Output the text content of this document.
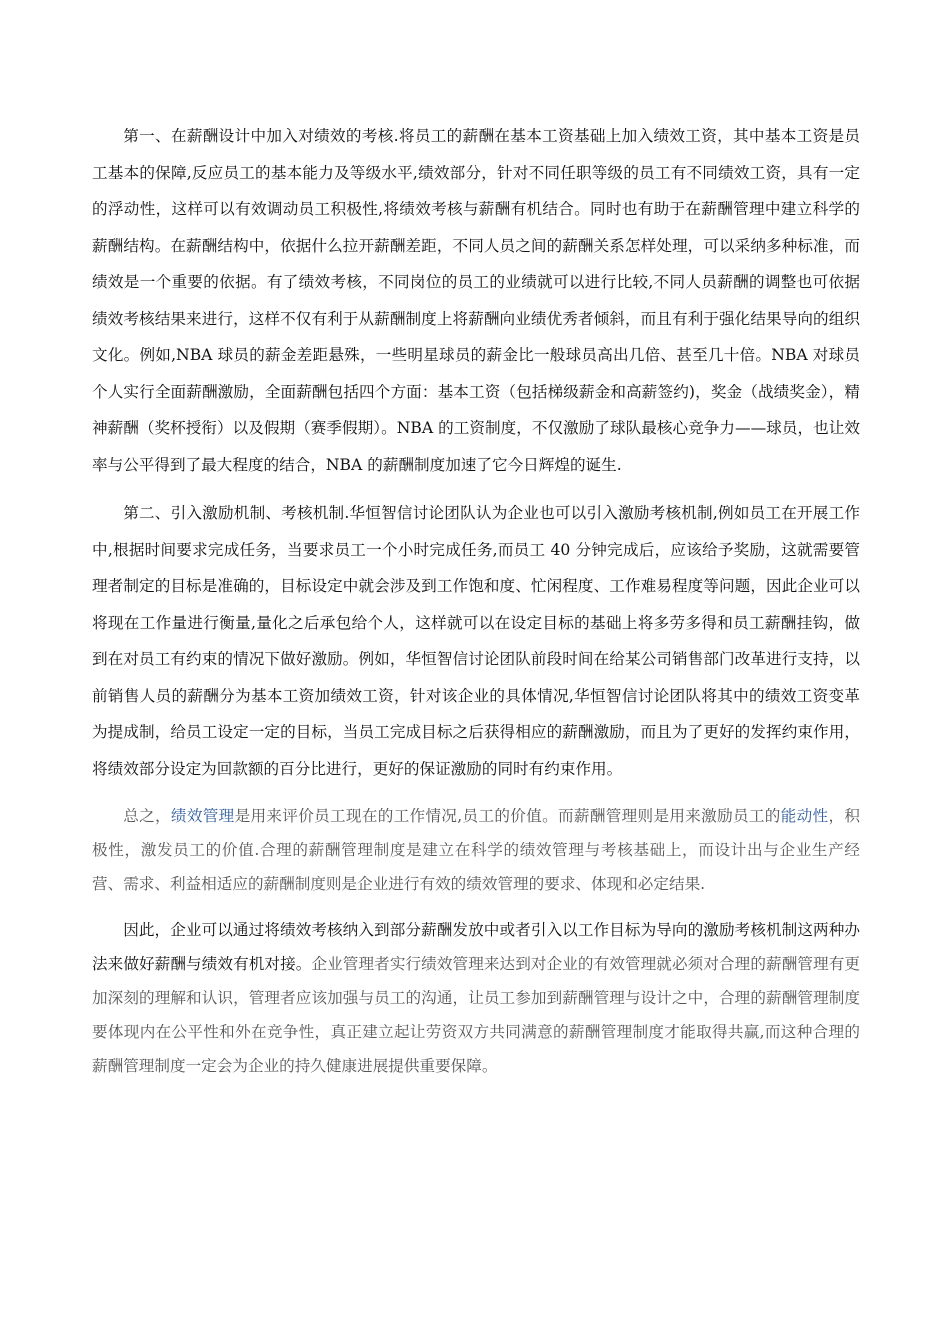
第一、在薪酬设计中加入对绩效的考核.将员工的薪酬在基本工资基础上加入绩效工资，其中基本工资是员工基本的保障,反应员工的基本能力及等级水平,绩效部分，针对不同任职等级的员工有不同绩效工资，具有一定的浮动性，这样可以有效调动员工积极性,将绩效考核与薪酬有机结合。同时也有助于在薪酬管理中建立科学的薪酬结构。在薪酬结构中，依据什么拉开薪酬差距，不同人员之间的薪酬关系怎样处理，可以采纳多种标准，而绩效是一个重要的依据。有了绩效考核，不同岗位的员工的业绩就可以进行比较,不同人员薪酬的调整也可依据绩效考核结果来进行，这样不仅有利于从薪酬制度上将薪酬向业绩优秀者倾斜，而且有利于强化结果导向的组织文化。例如,NBA 球员的薪金差距悬殊，一些明星球员的薪金比一般球员高出几倍、甚至几十倍。NBA 对球员个人实行全面薪酬激励，全面薪酬包括四个方面：基本工资（包括梯级薪金和高薪签约)，奖金（战绩奖金），精神薪酬（奖杯授衔）以及假期（赛季假期）。NBA 的工资制度，不仅激励了球队最核心竞争力——球员，也让效率与公平得到了最大程度的结合，NBA 的薪酬制度加速了它今日辉煌的诞生.

第二、引入激励机制、考核机制.华恒智信讨论团队认为企业也可以引入激励考核机制,例如员工在开展工作中,根据时间要求完成任务，当要求员工一个小时完成任务,而员工 40 分钟完成后，应该给予奖励，这就需要管理者制定的目标是准确的，目标设定中就会涉及到工作饱和度、忙闲程度、工作难易程度等问题，因此企业可以将现在工作量进行衡量,量化之后承包给个人，这样就可以在设定目标的基础上将多劳多得和员工薪酬挂钩，做到在对员工有约束的情况下做好激励。例如，华恒智信讨论团队前段时间在给某公司销售部门改革进行支持，以前销售人员的薪酬分为基本工资加绩效工资，针对该企业的具体情况,华恒智信讨论团队将其中的绩效工资变革为提成制，给员工设定一定的目标，当员工完成目标之后获得相应的薪酬激励，而且为了更好的发挥约束作用，将绩效部分设定为回款额的百分比进行，更好的保证激励的同时有约束作用。

总之，绩效管理是用来评价员工现在的工作情况,员工的价值。而薪酬管理则是用来激励员工的能动性，积极性，激发员工的价值.合理的薪酬管理制度是建立在科学的绩效管理与考核基础上，而设计出与企业生产经营、需求、利益相适应的薪酬制度则是企业进行有效的绩效管理的要求、体现和必定结果.

因此，企业可以通过将绩效考核纳入到部分薪酬发放中或者引入以工作目标为导向的激励考核机制这两种办法来做好薪酬与绩效有机对接。企业管理者实行绩效管理来达到对企业的有效管理就必须对合理的薪酬管理有更加深刻的理解和认识，管理者应该加强与员工的沟通，让员工参加到薪酬管理与设计之中，合理的薪酬管理制度要体现内在公平性和外在竞争性，真正建立起让劳资双方共同满意的薪酬管理制度才能取得共赢,而这种合理的薪酬管理制度一定会为企业的持久健康进展提供重要保障。
